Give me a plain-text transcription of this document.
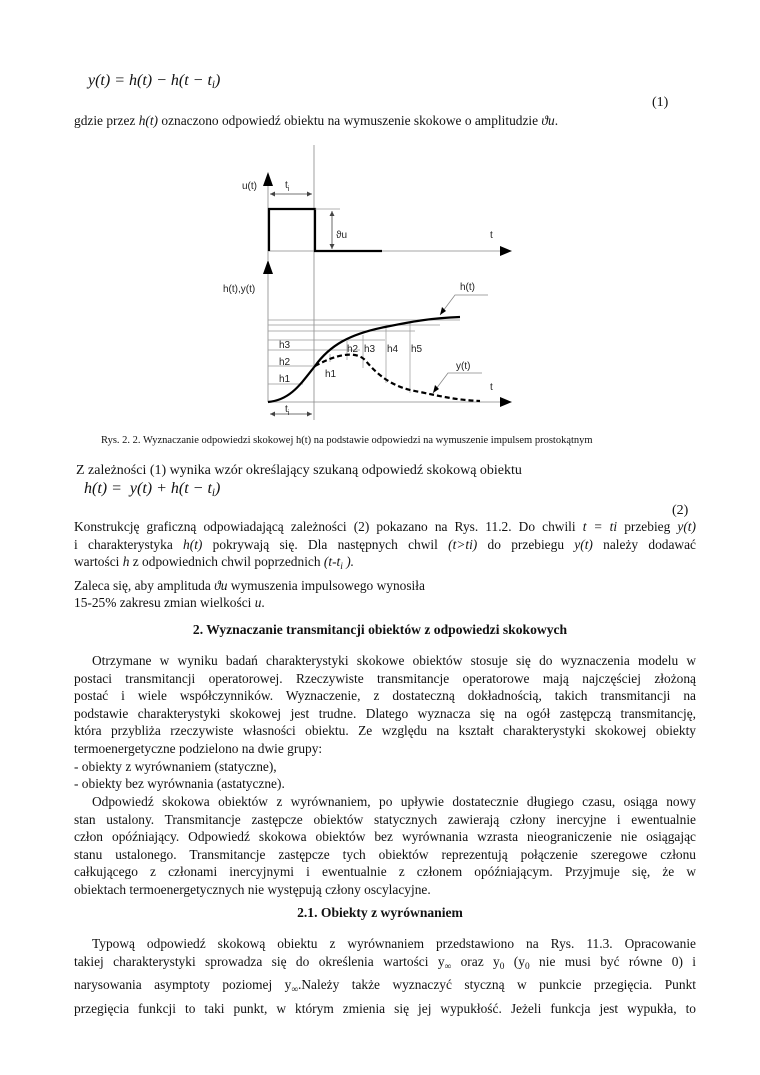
$y(t) = h(t) - h(t - t_i)$
(1)
gdzie przez h(t) oznaczono odpowiedź obiektu na wymuszenie skokowe o amplitudzie ϑu.
u(t)	$t_i$
ϑu	t
h(t),y(t)	h(t)
y(t)
t
$t_i$
h3
h2
h1	h1
h2 h3 h4 h5
Rys. 2. 2. Wyznaczanie odpowiedzi skokowej h(t) na podstawie odpowiedzi na wymuszenie impulsem prostokątnym
Z zależności (1) wynika wzór określający szukaną odpowiedź skokową obiektu
$h(t) = y(t) + h(t - t_i)$
(2)
Konstrukcję graficzną odpowiadającą zależności (2) pokazano na Rys. 11.2. Do chwili t = ti przebieg y(t)
i charakterystyka h(t) pokrywają się. Dla następnych chwil (t>ti) do przebiegu y(t) należy dodawać
wartości h z odpowiednich chwil poprzednich ($t-t_i$ ).
Zaleca się, aby amplituda ϑu wymuszenia impulsowego wynosiła
15-25% zakresu zmian wielkości u.
2. Wyznaczanie transmitancji obiektów z odpowiedzi skokowych
Otrzymane w wyniku badań charakterystyki skokowe obiektów stosuje się do wyznaczenia modelu w
postaci transmitancji operatorowej. Rzeczywiste transmitancje operatorowe mają najczęściej złożoną
postać i wiele współczynników. Wyznaczenie, z dostateczną dokładnością, takich transmitancji na
podstawie charakterystyki skokowej jest trudne. Dlatego wyznacza się na ogół zastępczą transmitancję,
która przybliża rzeczywiste własności obiektu. Ze względu na kształt charakterystyki skokowej obiekty
termoenergetyczne podzielono na dwie grupy:
- obiekty z wyrównaniem (statyczne),
- obiekty bez wyrównania (astatyczne).
Odpowiedź skokowa obiektów z wyrównaniem, po upływie dostatecznie długiego czasu, osiąga nowy
stan ustalony. Transmitancje zastępcze obiektów statycznych zawierają człony inercyjne i ewentualnie
człon opóźniający. Odpowiedź skokowa obiektów bez wyrównania wzrasta nieograniczenie nie osiągając
stanu ustalonego. Transmitancje zastępcze tych obiektów reprezentują połączenie szeregowe członu
całkującego z członami inercyjnymi i ewentualnie z członem opóźniającym. Przyjmuje się, że w
obiektach termoenergetycznych nie występują człony oscylacyjne.
2.1. Obiekty z wyrównaniem
Typową odpowiedź skokową obiektu z wyrównaniem przedstawiono na Rys. 11.3. Opracowanie
takiej charakterystyki sprowadza się do określenia wartości $y_\infty$ oraz $y_0$ ($y_0$ nie musi być równe 0) i
narysowania asymptoty poziomej $y_\infty.Należy$ także wyznaczyć styczną w punkcie przegięcia. Punkt
przegięcia funkcji to taki punkt, w którym zmienia się jej wypukłość. Jeżeli funkcja jest wypukła, to
